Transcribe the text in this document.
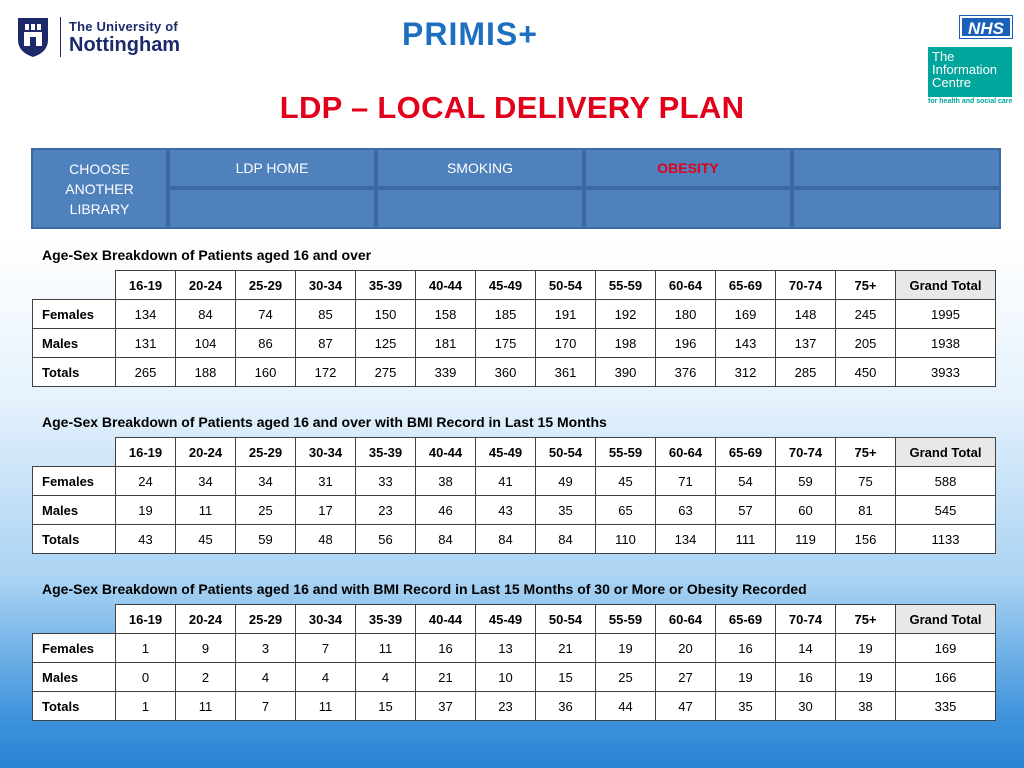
The University of
Nottingham	PRIMIS+	NHS
The
Information
Centre
for health and social care
LDP – LOCAL DELIVERY PLAN
CHOOSE ANOTHER LIBRARY
LDP HOME	SMOKING	OBESITY
Age-Sex Breakdown of Patients aged 16 and over
	16-19	20-24	25-29	30-34	35-39	40-44	45-49	50-54	55-59	60-64	65-69	70-74	75+	Grand Total
Females	134	84	74	85	150	158	185	191	192	180	169	148	245	1995
Males	131	104	86	87	125	181	175	170	198	196	143	137	205	1938
Totals	265	188	160	172	275	339	360	361	390	376	312	285	450	3933
Age-Sex Breakdown of Patients aged 16 and over with BMI Record in Last 15 Months
	16-19	20-24	25-29	30-34	35-39	40-44	45-49	50-54	55-59	60-64	65-69	70-74	75+	Grand Total
Females	24	34	34	31	33	38	41	49	45	71	54	59	75	588
Males	19	11	25	17	23	46	43	35	65	63	57	60	81	545
Totals	43	45	59	48	56	84	84	84	110	134	111	119	156	1133
Age-Sex Breakdown of Patients aged 16 and with BMI Record in Last 15 Months of 30 or More or Obesity Recorded
	16-19	20-24	25-29	30-34	35-39	40-44	45-49	50-54	55-59	60-64	65-69	70-74	75+	Grand Total
Females	1	9	3	7	11	16	13	21	19	20	16	14	19	169
Males	0	2	4	4	4	21	10	15	25	27	19	16	19	166
Totals	1	11	7	11	15	37	23	36	44	47	35	30	38	335
